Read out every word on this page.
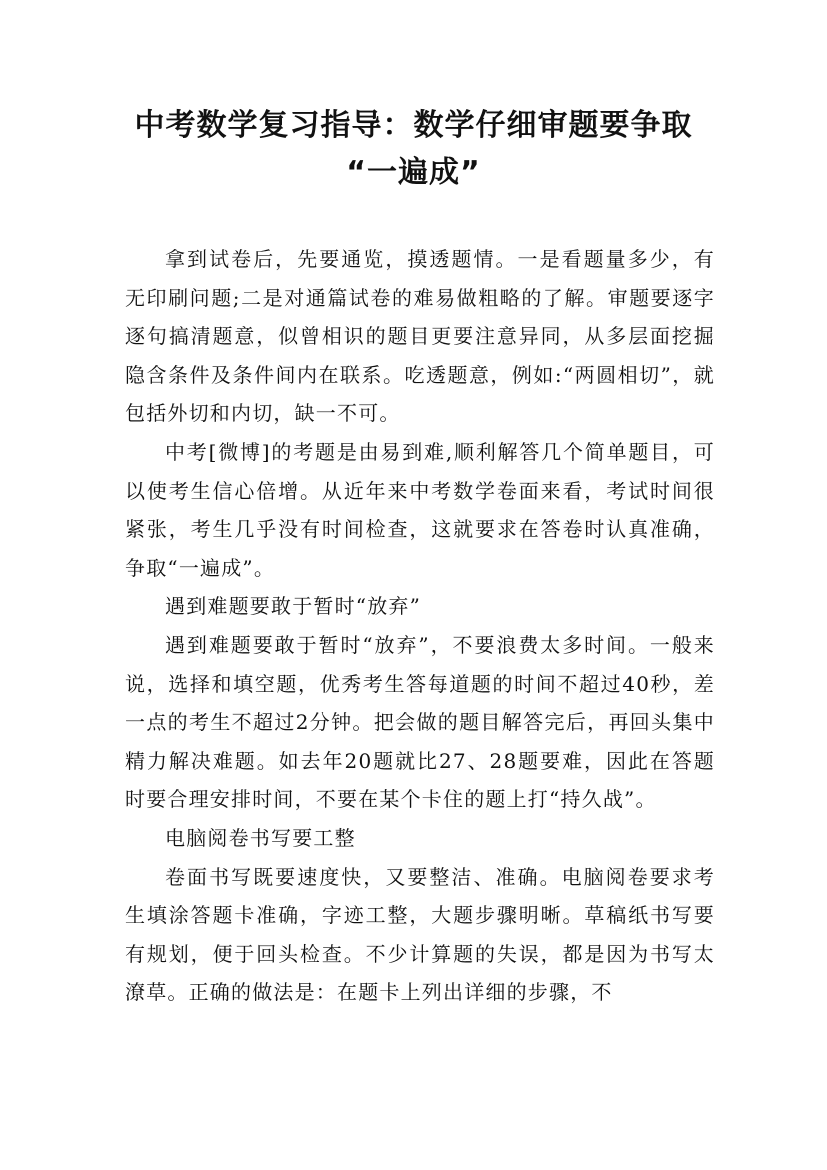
中考数学复习指导：数学仔细审题要争取
“一遍成”

拿到试卷后，先要通览，摸透题情。一是看题量多少，有无印刷问题;二是对通篇试卷的难易做粗略的了解。审题要逐字逐句搞清题意，似曾相识的题目更要注意异同，从多层面挖掘隐含条件及条件间内在联系。吃透题意，例如:“两圆相切”，就包括外切和内切，缺一不可。

中考[微博]的考题是由易到难,顺利解答几个简单题目，可以使考生信心倍增。从近年来中考数学卷面来看，考试时间很紧张，考生几乎没有时间检查，这就要求在答卷时认真准确，争取“一遍成”。

遇到难题要敢于暂时“放弃”

遇到难题要敢于暂时“放弃”，不要浪费太多时间。一般来说，选择和填空题，优秀考生答每道题的时间不超过40秒，差一点的考生不超过2分钟。把会做的题目解答完后，再回头集中精力解决难题。如去年20题就比27、28题要难，因此在答题时要合理安排时间，不要在某个卡住的题上打“持久战”。

电脑阅卷书写要工整

卷面书写既要速度快，又要整洁、准确。电脑阅卷要求考生填涂答题卡准确，字迹工整，大题步骤明晰。草稿纸书写要有规划，便于回头检查。不少计算题的失误，都是因为书写太潦草。正确的做法是：在题卡上列出详细的步骤，不
